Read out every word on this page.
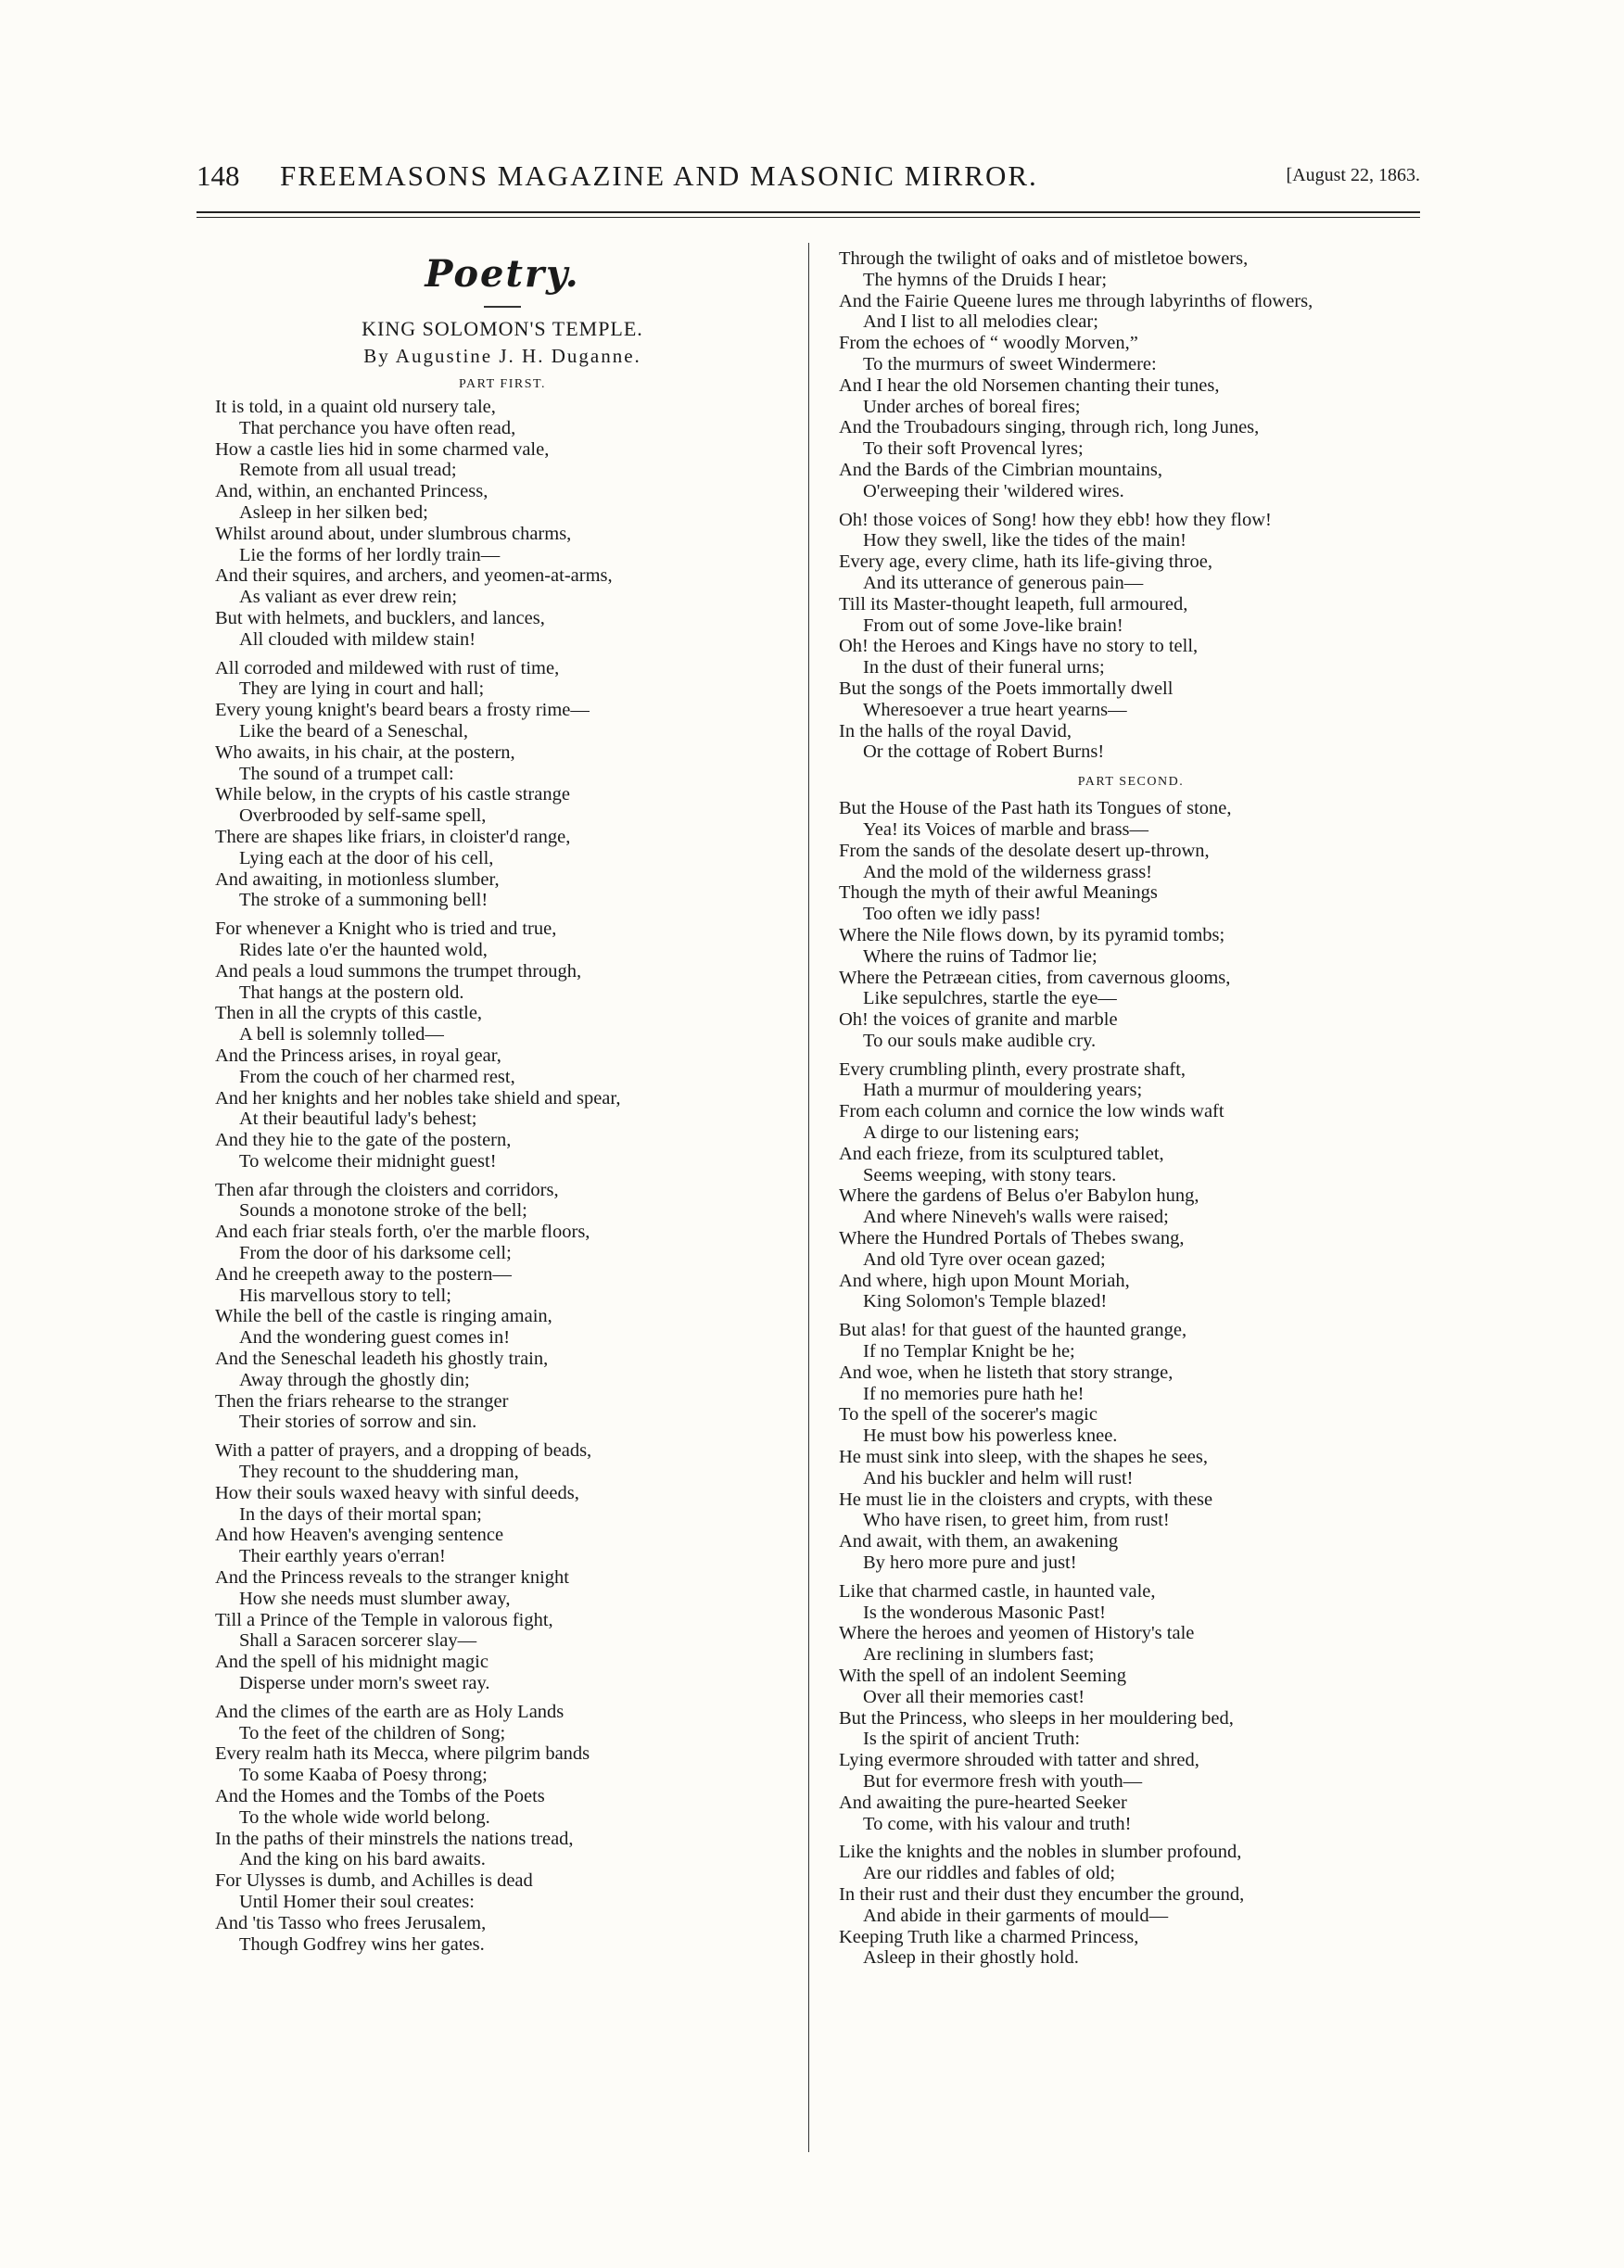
148 FREEMASONS MAGAZINE AND MASONIC MIRROR.	[August 22, 1863.
Poetry.
KING SOLOMON'S TEMPLE.
By Augustine J. H. Duganne.
PART FIRST.
It is told, in a quaint old nursery tale,
That perchance you have often read,
How a castle lies hid in some charmed vale,
Remote from all usual tread;
And, within, an enchanted Princess,
Asleep in her silken bed;
Whilst around about, under slumbrous charms,
Lie the forms of her lordly train—
And their squires, and archers, and yeomen-at-arms,
As valiant as ever drew rein;
But with helmets, and bucklers, and lances,
All clouded with mildew stain!
All corroded and mildewed with rust of time,
They are lying in court and hall;
Every young knight's beard bears a frosty rime—
Like the beard of a Seneschal,
Who awaits, in his chair, at the postern,
The sound of a trumpet call:
While below, in the crypts of his castle strange
Overbrooded by self-same spell,
There are shapes like friars, in cloister'd range,
Lying each at the door of his cell,
And awaiting, in motionless slumber,
The stroke of a summoning bell!
For whenever a Knight who is tried and true,
Rides late o'er the haunted wold,
And peals a loud summons the trumpet through,
That hangs at the postern old.
Then in all the crypts of this castle,
A bell is solemnly tolled—
And the Princess arises, in royal gear,
From the couch of her charmed rest,
And her knights and her nobles take shield and spear,
At their beautiful lady's behest;
And they hie to the gate of the postern,
To welcome their midnight guest!
Then afar through the cloisters and corridors,
Sounds a monotone stroke of the bell;
And each friar steals forth, o'er the marble floors,
From the door of his darksome cell;
And he creepeth away to the postern—
His marvellous story to tell;
While the bell of the castle is ringing amain,
And the wondering guest comes in!
And the Seneschal leadeth his ghostly train,
Away through the ghostly din;
Then the friars rehearse to the stranger
Their stories of sorrow and sin.
With a patter of prayers, and a dropping of beads,
They recount to the shuddering man,
How their souls waxed heavy with sinful deeds,
In the days of their mortal span;
And how Heaven's avenging sentence
Their earthly years o'erran!
And the Princess reveals to the stranger knight
How she needs must slumber away,
Till a Prince of the Temple in valorous fight,
Shall a Saracen sorcerer slay—
And the spell of his midnight magic
Disperse under morn's sweet ray.
And the climes of the earth are as Holy Lands
To the feet of the children of Song;
Every realm hath its Mecca, where pilgrim bands
To some Kaaba of Poesy throng;
And the Homes and the Tombs of the Poets
To the whole wide world belong.
In the paths of their minstrels the nations tread,
And the king on his bard awaits.
For Ulysses is dumb, and Achilles is dead
Until Homer their soul creates:
And 'tis Tasso who frees Jerusalem,
Though Godfrey wins her gates.
Through the twilight of oaks and of mistletoe bowers,
The hymns of the Druids I hear;
And the Fairie Queene lures me through labyrinths of flowers,
And I list to all melodies clear;
From the echoes of “ woodly Morven,”
To the murmurs of sweet Windermere:
And I hear the old Norsemen chanting their tunes,
Under arches of boreal fires;
And the Troubadours singing, through rich, long Junes,
To their soft Provencal lyres;
And the Bards of the Cimbrian mountains,
O'erweeping their 'wildered wires.
Oh! those voices of Song! how they ebb! how they flow!
How they swell, like the tides of the main!
Every age, every clime, hath its life-giving throe,
And its utterance of generous pain—
Till its Master-thought leapeth, full armoured,
From out of some Jove-like brain!
Oh! the Heroes and Kings have no story to tell,
In the dust of their funeral urns;
But the songs of the Poets immortally dwell
Wheresoever a true heart yearns—
In the halls of the royal David,
Or the cottage of Robert Burns!
PART SECOND.
But the House of the Past hath its Tongues of stone,
Yea! its Voices of marble and brass—
From the sands of the desolate desert up-thrown,
And the mold of the wilderness grass!
Though the myth of their awful Meanings
Too often we idly pass!
Where the Nile flows down, by its pyramid tombs;
Where the ruins of Tadmor lie;
Where the Petræean cities, from cavernous glooms,
Like sepulchres, startle the eye—
Oh! the voices of granite and marble
To our souls make audible cry.
Every crumbling plinth, every prostrate shaft,
Hath a murmur of mouldering years;
From each column and cornice the low winds waft
A dirge to our listening ears;
And each frieze, from its sculptured tablet,
Seems weeping, with stony tears.
Where the gardens of Belus o'er Babylon hung,
And where Nineveh's walls were raised;
Where the Hundred Portals of Thebes swang,
And old Tyre over ocean gazed;
And where, high upon Mount Moriah,
King Solomon's Temple blazed!
But alas! for that guest of the haunted grange,
If no Templar Knight be he;
And woe, when he listeth that story strange,
If no memories pure hath he!
To the spell of the socerer's magic
He must bow his powerless knee.
He must sink into sleep, with the shapes he sees,
And his buckler and helm will rust!
He must lie in the cloisters and crypts, with these
Who have risen, to greet him, from rust!
And await, with them, an awakening
By hero more pure and just!
Like that charmed castle, in haunted vale,
Is the wonderous Masonic Past!
Where the heroes and yeomen of History's tale
Are reclining in slumbers fast;
With the spell of an indolent Seeming
Over all their memories cast!
But the Princess, who sleeps in her mouldering bed,
Is the spirit of ancient Truth:
Lying evermore shrouded with tatter and shred,
But for evermore fresh with youth—
And awaiting the pure-hearted Seeker
To come, with his valour and truth!
Like the knights and the nobles in slumber profound,
Are our riddles and fables of old;
In their rust and their dust they encumber the ground,
And abide in their garments of mould—
Keeping Truth like a charmed Princess,
Asleep in their ghostly hold.
